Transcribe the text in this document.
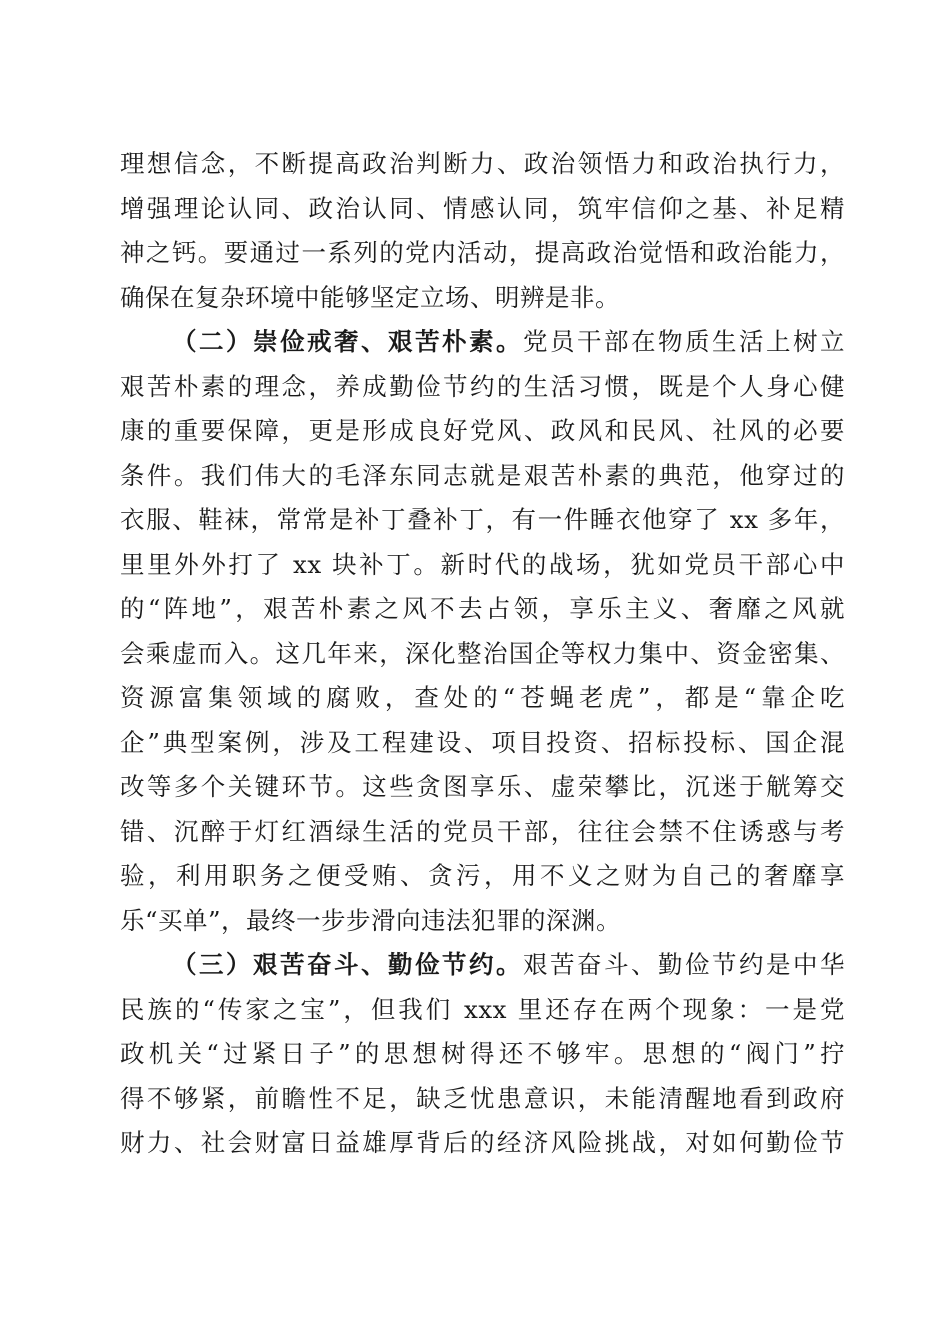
理想信念，不断提高政治判断力、政治领悟力和政治执行力，
增强理论认同、政治认同、情感认同，筑牢信仰之基、补足精
神之钙。要通过一系列的党内活动，提高政治觉悟和政治能力，
确保在复杂环境中能够坚定立场、明辨是非。
（二）崇俭戒奢、艰苦朴素。党员干部在物质生活上树立
艰苦朴素的理念，养成勤俭节约的生活习惯，既是个人身心健
康的重要保障，更是形成良好党风、政风和民风、社风的必要
条件。我们伟大的毛泽东同志就是艰苦朴素的典范，他穿过的
衣服、鞋袜，常常是补丁叠补丁，有一件睡衣他穿了 xx 多年，
里里外外打了 xx 块补丁。新时代的战场，犹如党员干部心中
的“阵地”，艰苦朴素之风不去占领，享乐主义、奢靡之风就
会乘虚而入。这几年来，深化整治国企等权力集中、资金密集、
资源富集领域的腐败，查处的“苍蝇老虎”，都是“靠企吃
企”典型案例，涉及工程建设、项目投资、招标投标、国企混
改等多个关键环节。这些贪图享乐、虚荣攀比，沉迷于觥筹交
错、沉醉于灯红酒绿生活的党员干部，往往会禁不住诱惑与考
验，利用职务之便受贿、贪污，用不义之财为自己的奢靡享
乐“买单”，最终一步步滑向违法犯罪的深渊。
（三）艰苦奋斗、勤俭节约。艰苦奋斗、勤俭节约是中华
民族的“传家之宝”，但我们 xxx 里还存在两个现象：一是党
政机关“过紧日子”的思想树得还不够牢。思想的“阀门”拧
得不够紧，前瞻性不足，缺乏忧患意识，未能清醒地看到政府
财力、社会财富日益雄厚背后的经济风险挑战，对如何勤俭节
